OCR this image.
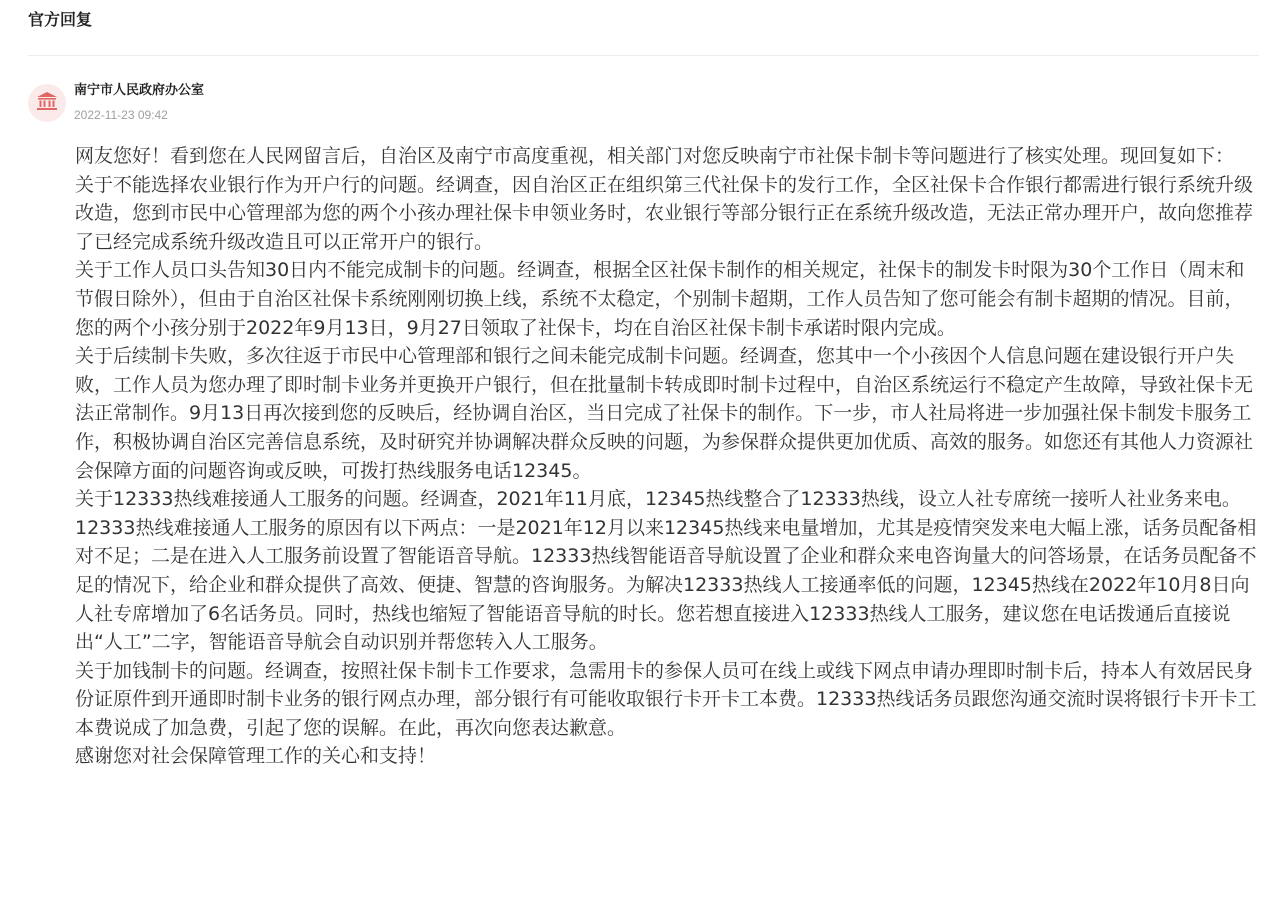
官方回复
南宁市人民政府办公室
2022-11-23 09:42

网友您好！看到您在人民网留言后，自治区及南宁市高度重视，相关部门对您反映南宁市社保卡制卡等问题进行了核实处理。现回复如下：

关于不能选择农业银行作为开户行的问题。经调查，因自治区正在组织第三代社保卡的发行工作，全区社保卡合作银行都需进行银行系统升级改造，您到市民中心管理部为您的两个小孩办理社保卡申领业务时，农业银行等部分银行正在系统升级改造，无法正常办理开户，故向您推荐了已经完成系统升级改造且可以正常开户的银行。

关于工作人员口头告知30日内不能完成制卡的问题。经调查，根据全区社保卡制作的相关规定，社保卡的制发卡时限为30个工作日（周末和节假日除外），但由于自治区社保卡系统刚刚切换上线，系统不太稳定，个别制卡超期，工作人员告知了您可能会有制卡超期的情况。目前，您的两个小孩分别于2022年9月13日，9月27日领取了社保卡，均在自治区社保卡制卡承诺时限内完成。

关于后续制卡失败，多次往返于市民中心管理部和银行之间未能完成制卡问题。经调查，您其中一个小孩因个人信息问题在建设银行开户失败，工作人员为您办理了即时制卡业务并更换开户银行，但在批量制卡转成即时制卡过程中，自治区系统运行不稳定产生故障，导致社保卡无法正常制作。9月13日再次接到您的反映后，经协调自治区，当日完成了社保卡的制作。下一步，市人社局将进一步加强社保卡制发卡服务工作，积极协调自治区完善信息系统，及时研究并协调解决群众反映的问题，为参保群众提供更加优质、高效的服务。如您还有其他人力资源社会保障方面的问题咨询或反映，可拨打热线服务电话12345。

关于12333热线难接通人工服务的问题。经调查，2021年11月底，12345热线整合了12333热线，设立人社专席统一接听人社业务来电。12333热线难接通人工服务的原因有以下两点：一是2021年12月以来12345热线来电量增加，尤其是疫情突发来电大幅上涨，话务员配备相对不足；二是在进入人工服务前设置了智能语音导航。12333热线智能语音导航设置了企业和群众来电咨询量大的问答场景，在话务员配备不足的情况下，给企业和群众提供了高效、便捷、智慧的咨询服务。为解决12333热线人工接通率低的问题，12345热线在2022年10月8日向人社专席增加了6名话务员。同时，热线也缩短了智能语音导航的时长。您若想直接进入12333热线人工服务，建议您在电话拨通后直接说出“人工”二字，智能语音导航会自动识别并帮您转入人工服务。

关于加钱制卡的问题。经调查，按照社保卡制卡工作要求，急需用卡的参保人员可在线上或线下网点申请办理即时制卡后，持本人有效居民身份证原件到开通即时制卡业务的银行网点办理，部分银行有可能收取银行卡开卡工本费。12333热线话务员跟您沟通交流时误将银行卡开卡工本费说成了加急费，引起了您的误解。在此，再次向您表达歉意。

感谢您对社会保障管理工作的关心和支持！
